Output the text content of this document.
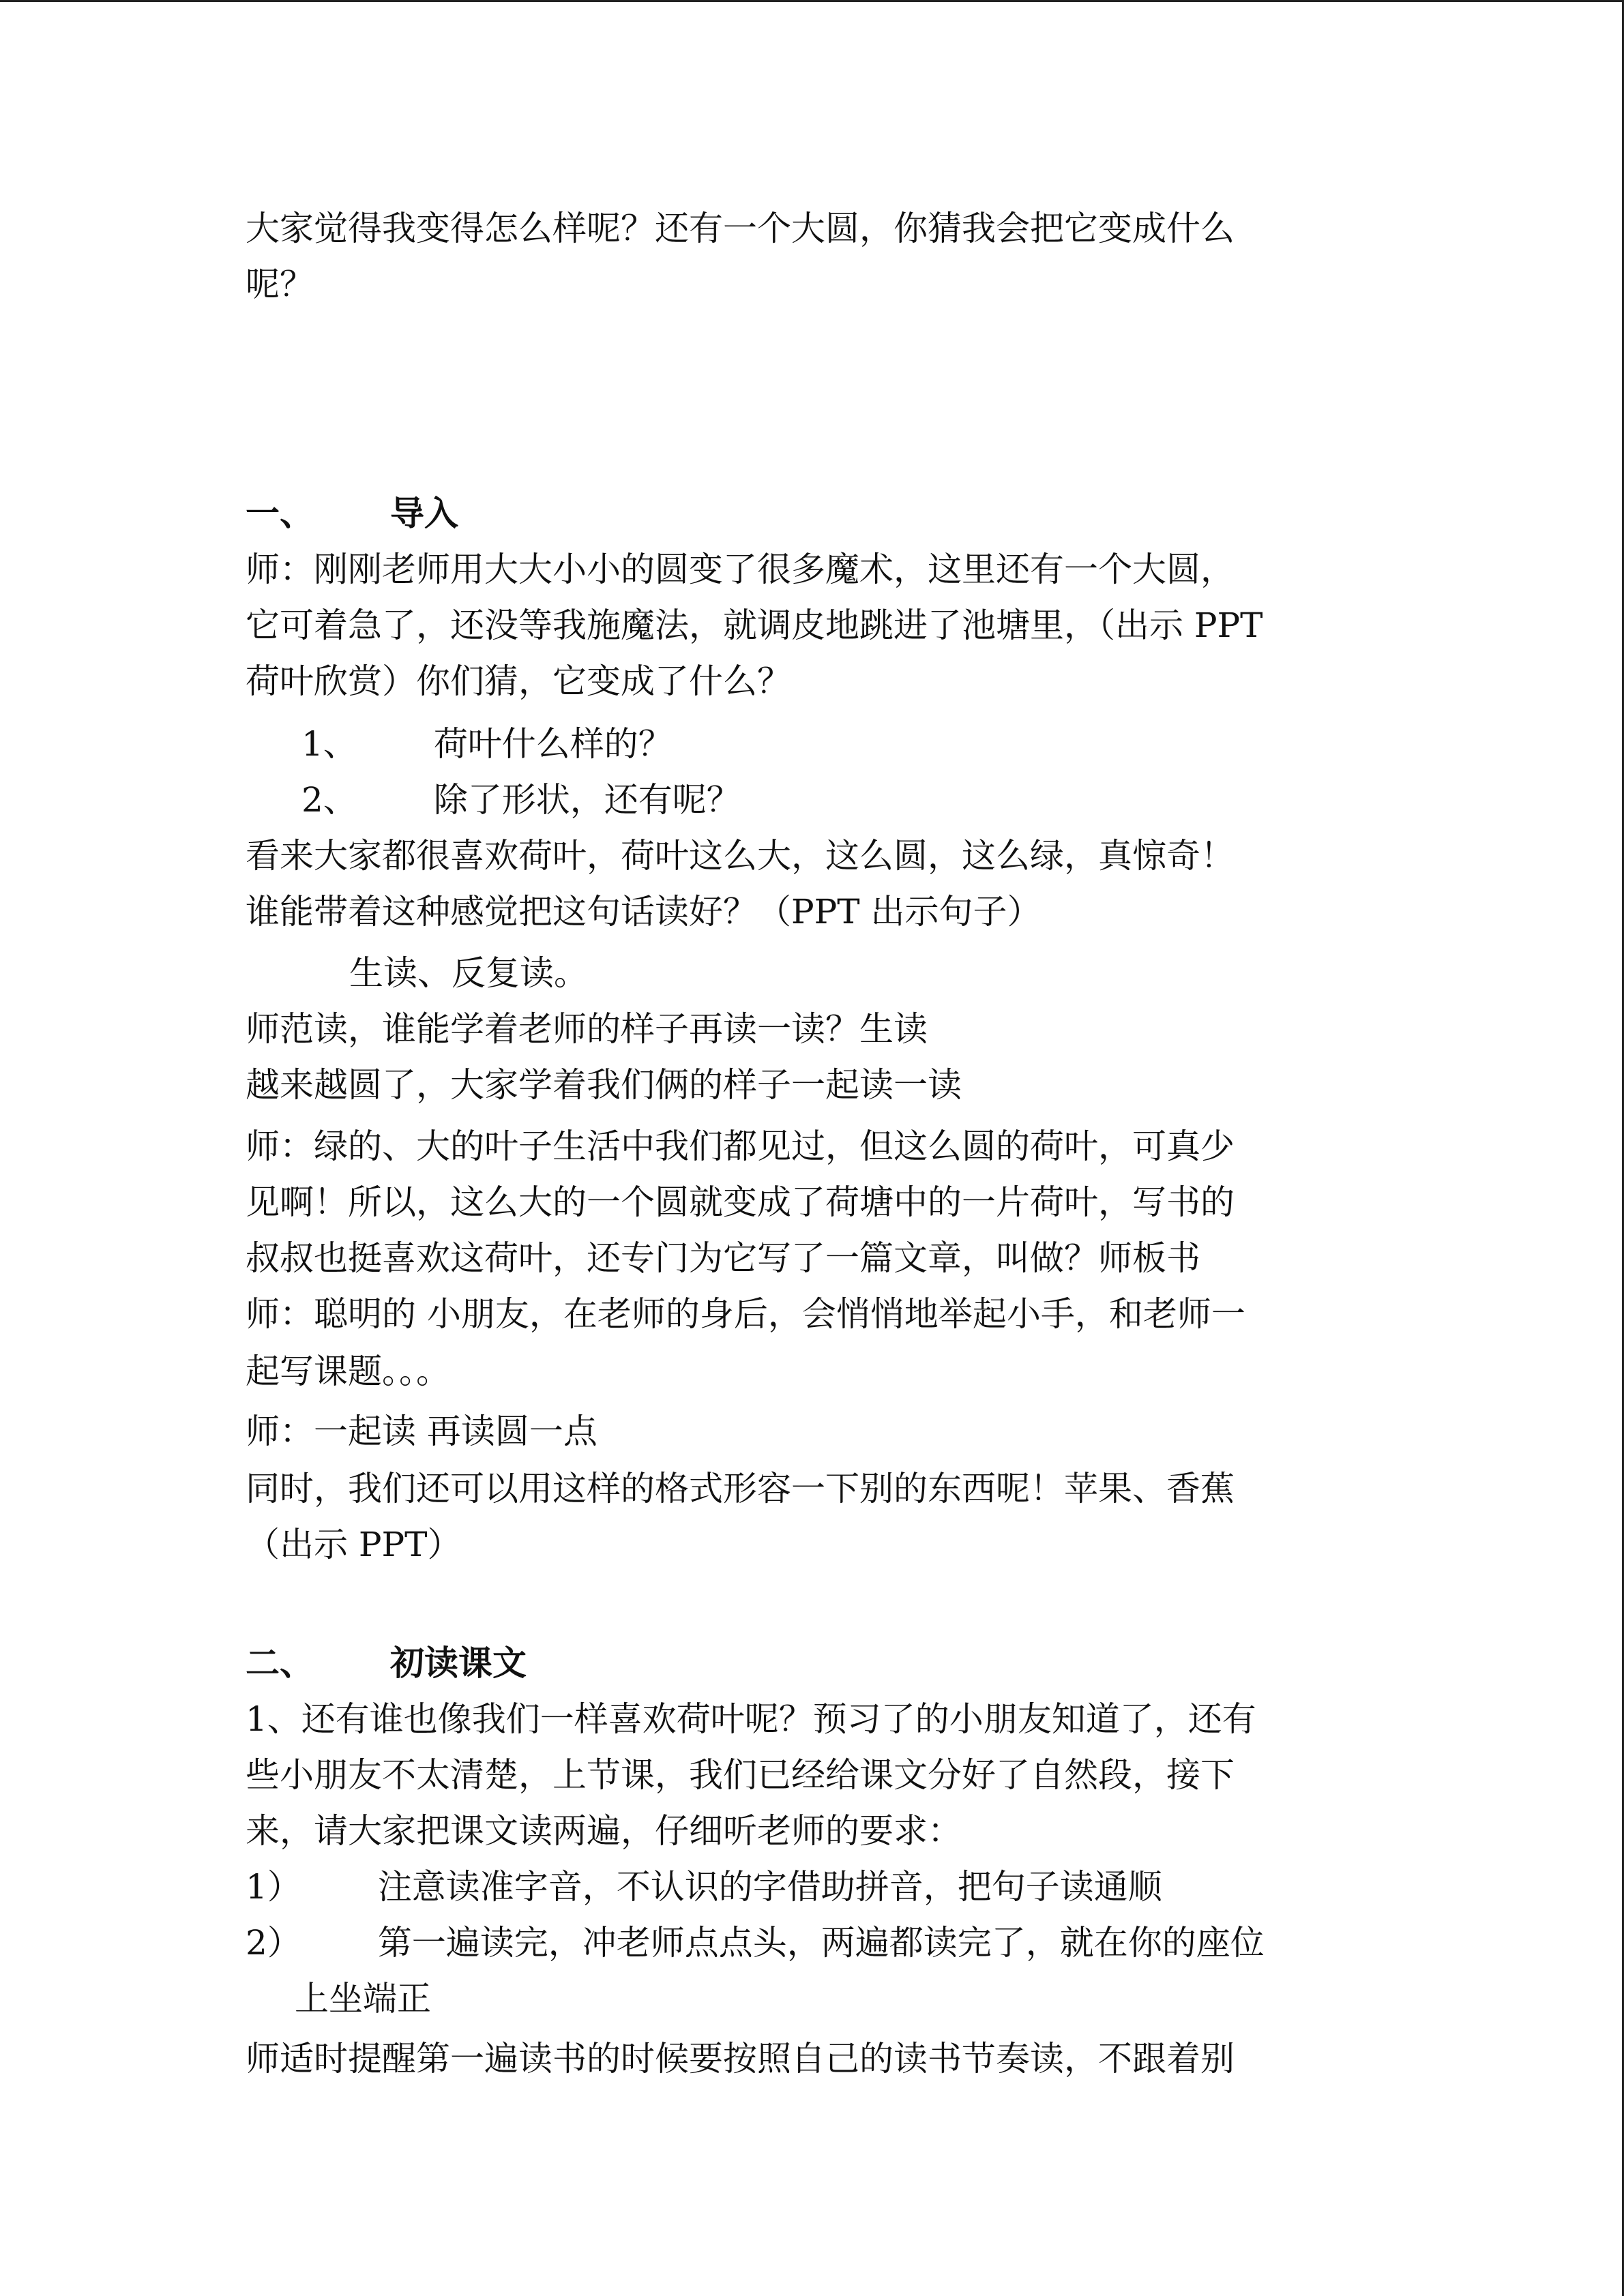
大家觉得我变得怎么样呢？还有一个大圆，你猜我会把它变成什么
呢？
一、 导入
师：刚刚老师用大大小小的圆变了很多魔术，这里还有一个大圆，
它可着急了，还没等我施魔法，就调皮地跳进了池塘里，（出示 PPT
荷叶欣赏）你们猜，它变成了什么？
1、 荷叶什么样的？
2、 除了形状，还有呢？
看来大家都很喜欢荷叶，荷叶这么大，这么圆，这么绿，真惊奇！
谁能带着这种感觉把这句话读好？（PPT 出示句子）
生读、反复读。
师范读，谁能学着老师的样子再读一读？生读
越来越圆了，大家学着我们俩的样子一起读一读
师：绿的、大的叶子生活中我们都见过，但这么圆的荷叶，可真少
见啊！所以，这么大的一个圆就变成了荷塘中的一片荷叶，写书的
叔叔也挺喜欢这荷叶，还专门为它写了一篇文章，叫做？师板书
师：聪明的 小朋友，在老师的身后，会悄悄地举起小手，和老师一
起写课题。。。
师：一起读 再读圆一点
同时，我们还可以用这样的格式形容一下别的东西呢！苹果、香蕉
（出示 PPT）
二、 初读课文
1、还有谁也像我们一样喜欢荷叶呢？预习了的小朋友知道了，还有
些小朋友不太清楚，上节课，我们已经给课文分好了自然段，接下
来，请大家把课文读两遍，仔细听老师的要求：
1） 注意读准字音，不认识的字借助拼音，把句子读通顺
2） 第一遍读完，冲老师点点头，两遍都读完了，就在你的座位
上坐端正
师适时提醒第一遍读书的时候要按照自己的读书节奏读，不跟着别
